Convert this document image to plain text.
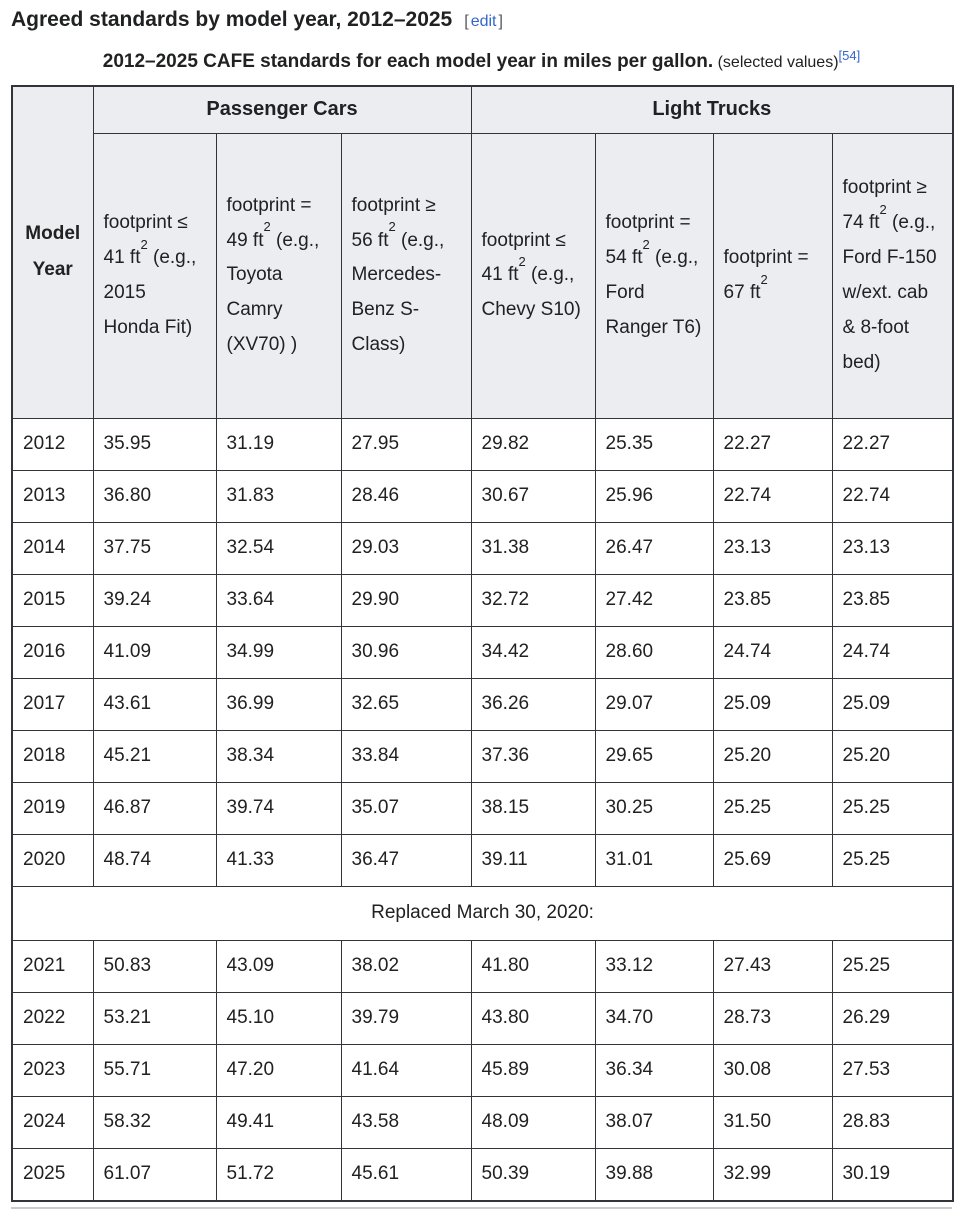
Agreed standards by model year, 2012–2025 [ edit ]
2012–2025 CAFE standards for each model year in miles per gallon. (selected values)[54]
Model Year	Passenger Cars			Light Trucks			
	footprint ≤ 41 $ft^2$ (e.g., 2015 Honda Fit)	footprint = 49 $ft^2$ (e.g., Toyota Camry (XV70) )	footprint ≥ 56 $ft^2$ (e.g., Mercedes-Benz S-Class)	footprint ≤ 41 $ft^2$ (e.g., Chevy S10)	footprint = 54 $ft^2$ (e.g., Ford Ranger T6)	footprint = 67 $ft^2$	footprint ≥ 74 $ft^2$ (e.g., Ford F-150 w/ext. cab & 8-foot bed)
2012	35.95	31.19	27.95	29.82	25.35	22.27	22.27
2013	36.80	31.83	28.46	30.67	25.96	22.74	22.74
2014	37.75	32.54	29.03	31.38	26.47	23.13	23.13
2015	39.24	33.64	29.90	32.72	27.42	23.85	23.85
2016	41.09	34.99	30.96	34.42	28.60	24.74	24.74
2017	43.61	36.99	32.65	36.26	29.07	25.09	25.09
2018	45.21	38.34	33.84	37.36	29.65	25.20	25.20
2019	46.87	39.74	35.07	38.15	30.25	25.25	25.25
2020	48.74	41.33	36.47	39.11	31.01	25.69	25.25
Replaced March 30, 2020:							
2021	50.83	43.09	38.02	41.80	33.12	27.43	25.25
2022	53.21	45.10	39.79	43.80	34.70	28.73	26.29
2023	55.71	47.20	41.64	45.89	36.34	30.08	27.53
2024	58.32	49.41	43.58	48.09	38.07	31.50	28.83
2025	61.07	51.72	45.61	50.39	39.88	32.99	30.19
